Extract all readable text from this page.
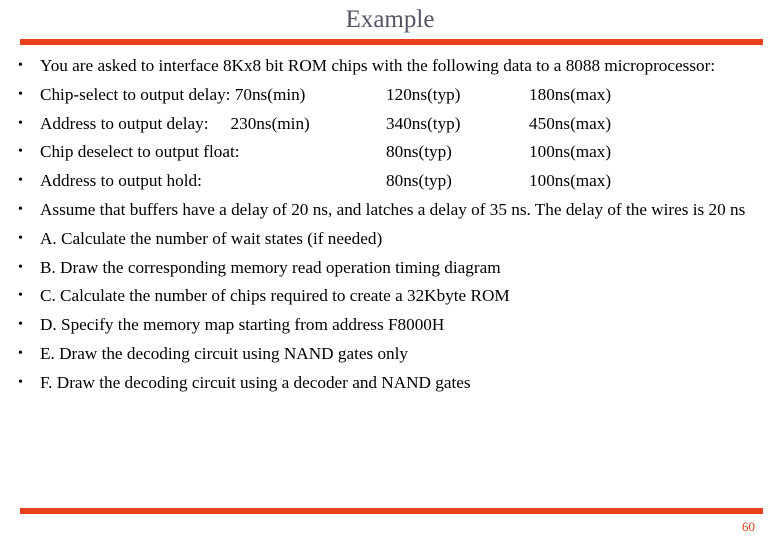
Example
• You are asked to interface 8Kx8 bit ROM chips with the following data to a 8088 microprocessor:
• Chip-select to output delay: 70ns(min)	120ns(typ)	180ns(max)
• Address to output delay: 230ns(min)	340ns(typ)	450ns(max)
• Chip deselect to output float:	80ns(typ)	100ns(max)
• Address to output hold:	80ns(typ)	100ns(max)
• Assume that buffers have a delay of 20 ns, and latches a delay of 35 ns. The delay of the wires is 20 ns
• A. Calculate the number of wait states (if needed)
• B. Draw the corresponding memory read operation timing diagram
• C. Calculate the number of chips required to create a 32Kbyte ROM
• D. Specify the memory map starting from address F8000H
• E. Draw the decoding circuit using NAND gates only
• F. Draw the decoding circuit using a decoder and NAND gates
60
